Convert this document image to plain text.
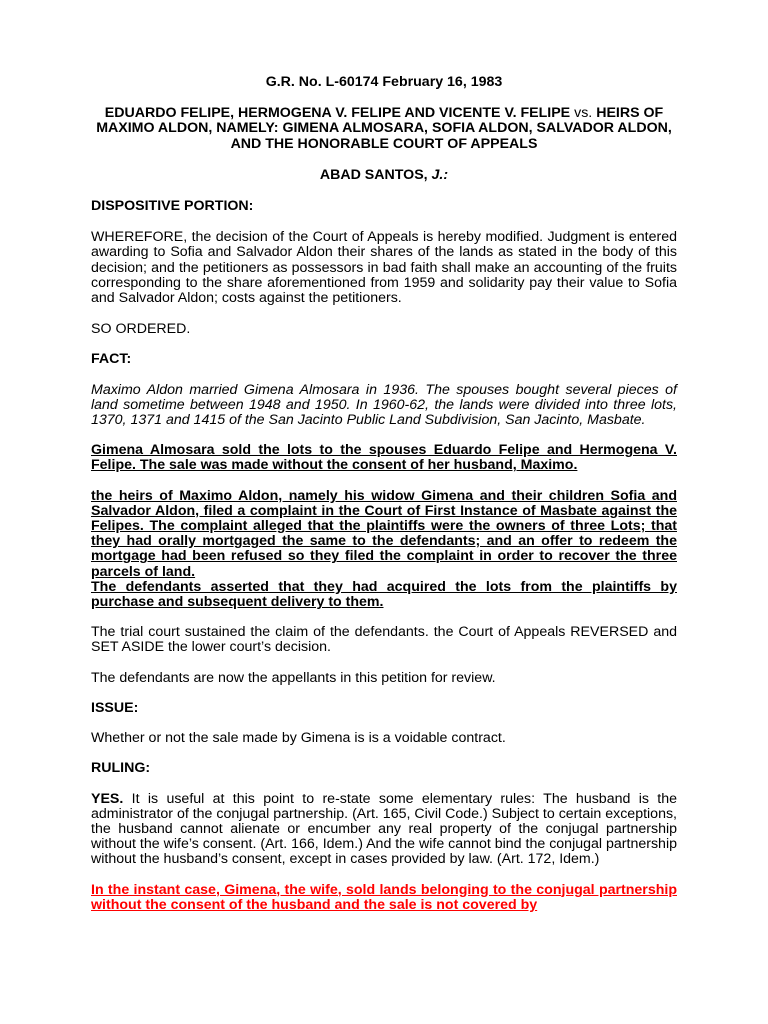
G.R. No. L-60174 February 16, 1983

EDUARDO FELIPE, HERMOGENA V. FELIPE AND VICENTE V. FELIPE vs. HEIRS OF MAXIMO ALDON, NAMELY: GIMENA ALMOSARA, SOFIA ALDON, SALVADOR ALDON, AND THE HONORABLE COURT OF APPEALS

ABAD SANTOS, J.:

DISPOSITIVE PORTION:

WHEREFORE, the decision of the Court of Appeals is hereby modified. Judgment is entered awarding to Sofia and Salvador Aldon their shares of the lands as stated in the body of this decision; and the petitioners as possessors in bad faith shall make an accounting of the fruits corresponding to the share aforementioned from 1959 and solidarity pay their value to Sofia and Salvador Aldon; costs against the petitioners.

SO ORDERED.

FACT:

Maximo Aldon married Gimena Almosara in 1936. The spouses bought several pieces of land sometime between 1948 and 1950. In 1960-62, the lands were divided into three lots, 1370, 1371 and 1415 of the San Jacinto Public Land Subdivision, San Jacinto, Masbate.

Gimena Almosara sold the lots to the spouses Eduardo Felipe and Hermogena V. Felipe. The sale was made without the consent of her husband, Maximo.

the heirs of Maximo Aldon, namely his widow Gimena and their children Sofia and Salvador Aldon, filed a complaint in the Court of First Instance of Masbate against the Felipes. The complaint alleged that the plaintiffs were the owners of three Lots; that they had orally mortgaged the same to the defendants; and an offer to redeem the mortgage had been refused so they filed the complaint in order to recover the three parcels of land.

The defendants asserted that they had acquired the lots from the plaintiffs by purchase and subsequent delivery to them.

The trial court sustained the claim of the defendants. the Court of Appeals REVERSED and SET ASIDE the lower court’s decision.

The defendants are now the appellants in this petition for review.

ISSUE:

Whether or not the sale made by Gimena is is a voidable contract.

RULING:

YES. It is useful at this point to re-state some elementary rules: The husband is the administrator of the conjugal partnership. (Art. 165, Civil Code.) Subject to certain exceptions, the husband cannot alienate or encumber any real property of the conjugal partnership without the wife’s consent. (Art. 166, Idem.) And the wife cannot bind the conjugal partnership without the husband’s consent, except in cases provided by law. (Art. 172, Idem.)

In the instant case, Gimena, the wife, sold lands belonging to the conjugal partnership without the consent of the husband and the sale is not covered by
